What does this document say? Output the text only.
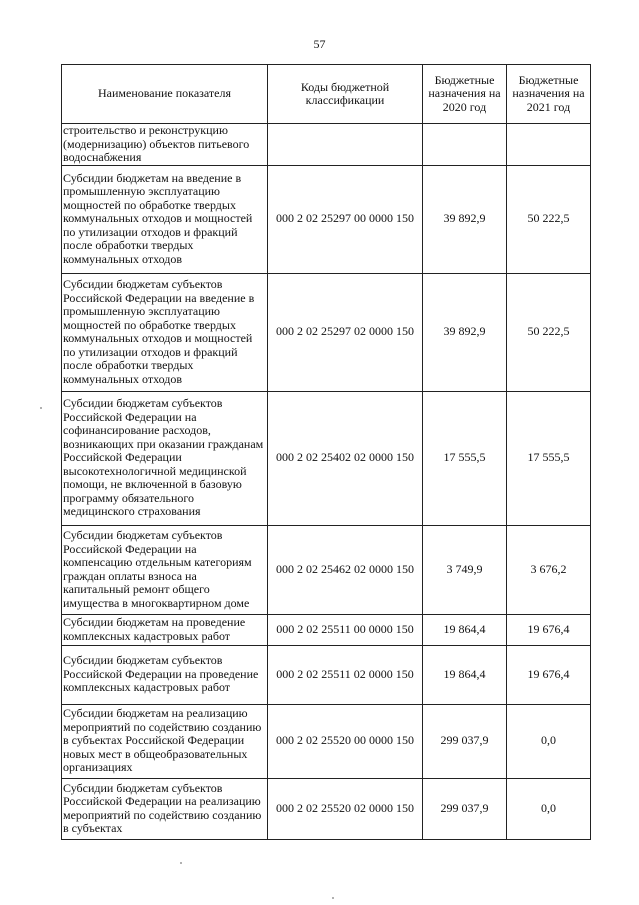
57
Наименование показателя	Коды бюджетной классификации	Бюджетные назначения на 2020 год	Бюджетные назначения на 2021 год
строительство и реконструкцию (модернизацию) объектов питьевого водоснабжения			
Субсидии бюджетам на введение в промышленную эксплуатацию мощностей по обработке твердых коммунальных отходов и мощностей по утилизации отходов и фракций после обработки твердых коммунальных отходов	000 2 02 25297 00 0000 150	39 892,9	50 222,5
Субсидии бюджетам субъектов Российской Федерации на введение в промышленную эксплуатацию мощностей по обработке твердых коммунальных отходов и мощностей по утилизации отходов и фракций после обработки твердых коммунальных отходов	000 2 02 25297 02 0000 150	39 892,9	50 222,5
Субсидии бюджетам субъектов Российской Федерации на софинансирование расходов, возникающих при оказании гражданам Российской Федерации высокотехнологичной медицинской помощи, не включенной в базовую программу обязательного медицинского страхования	000 2 02 25402 02 0000 150	17 555,5	17 555,5
Субсидии бюджетам субъектов Российской Федерации на компенсацию отдельным категориям граждан оплаты взноса на капитальный ремонт общего имущества в многоквартирном доме	000 2 02 25462 02 0000 150	3 749,9	3 676,2
Субсидии бюджетам на проведение комплексных кадастровых работ	000 2 02 25511 00 0000 150	19 864,4	19 676,4
Субсидии бюджетам субъектов Российской Федерации на проведение комплексных кадастровых работ	000 2 02 25511 02 0000 150	19 864,4	19 676,4
Субсидии бюджетам на реализацию мероприятий по содействию созданию в субъектах Российской Федерации новых мест в общеобразовательных организациях	000 2 02 25520 00 0000 150	299 037,9	0,0
Субсидии бюджетам субъектов Российской Федерации на реализацию мероприятий по содействию созданию в субъектах	000 2 02 25520 02 0000 150	299 037,9	0,0
